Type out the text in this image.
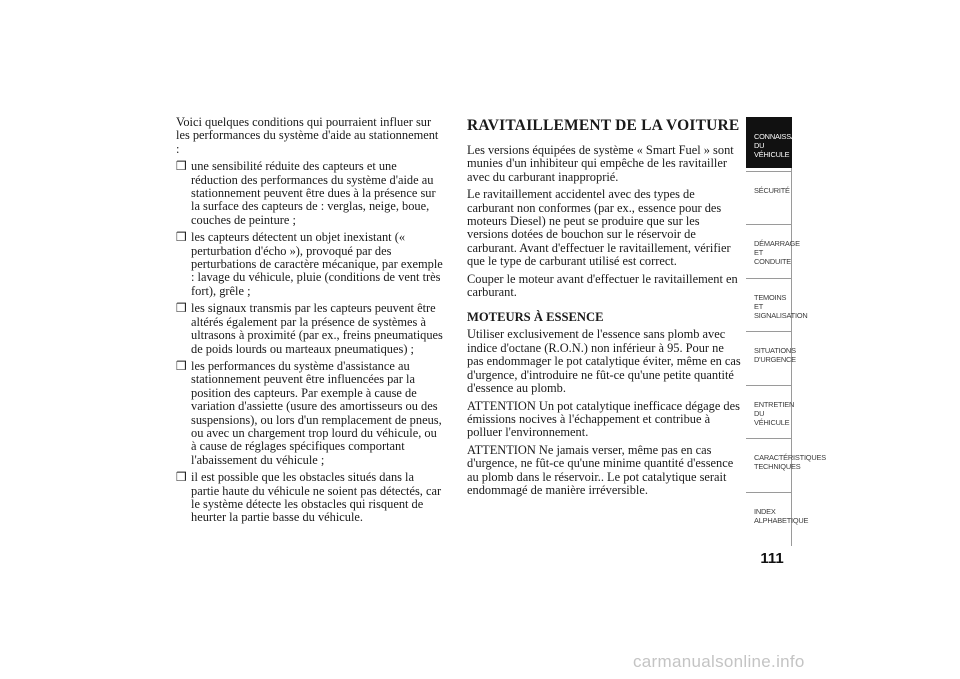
Voici quelques conditions qui pourraient influer sur les performances du système d'aide au stationnement :

❒ une sensibilité réduite des capteurs et une réduction des performances du système d'aide au stationnement peuvent être dues à la présence sur la surface des capteurs de : verglas, neige, boue, couches de peinture ;
❒ les capteurs détectent un objet inexistant (« perturbation d'écho »), provoqué par des perturbations de caractère mécanique, par exemple : lavage du véhicule, pluie (conditions de vent très fort), grêle ;
❒ les signaux transmis par les capteurs peuvent être altérés également par la présence de systèmes à ultrasons à proximité (par ex., freins pneumatiques de poids lourds ou marteaux pneumatiques) ;
❒ les performances du système d'assistance au stationnement peuvent être influencées par la position des capteurs. Par exemple à cause de variation d'assiette (usure des amortisseurs ou des suspensions), ou lors d'un remplacement de pneus, ou avec un chargement trop lourd du véhicule, ou à cause de réglages spécifiques comportant l'abaissement du véhicule ;
❒ il est possible que les obstacles situés dans la partie haute du véhicule ne soient pas détectés, car le système détecte les obstacles qui risquent de heurter la partie basse du véhicule.
RAVITAILLEMENT DE LA VOITURE

Les versions équipées de système « Smart Fuel » sont munies d'un inhibiteur qui empêche de les ravitailler avec du carburant inapproprié.

Le ravitaillement accidentel avec des types de carburant non conformes (par ex., essence pour des moteurs Diesel) ne peut se produire que sur les versions dotées de bouchon sur le réservoir de carburant. Avant d'effectuer le ravitaillement, vérifier que le type de carburant utilisé est correct.

Couper le moteur avant d'effectuer le ravitaillement en carburant.

MOTEURS À ESSENCE

Utiliser exclusivement de l'essence sans plomb avec indice d'octane (R.O.N.) non inférieur à 95. Pour ne pas endommager le pot catalytique éviter, même en cas d'urgence, d'introduire ne fût-ce qu'une petite quantité d'essence au plomb.

ATTENTION Un pot catalytique inefficace dégage des émissions nocives à l'échappement et contribue à polluer l'environnement.

ATTENTION Ne jamais verser, même pas en cas d'urgence, ne fût-ce qu'une minime quantité d'essence au plomb dans le réservoir.. Le pot catalytique serait endommagé de manière irréversible.

CONNAISSANCE DU
VÉHICULE
SÉCURITÉ
DÉMARRAGE ET
CONDUITE
TEMOINS ET
SIGNALISATION
SITUATIONS
D'URGENCE
ENTRETIEN DU
VÉHICULE
CARACTÉRISTIQUES
TECHNIQUES
INDEX
ALPHABETIQUE
111
carmanualsonline.info
